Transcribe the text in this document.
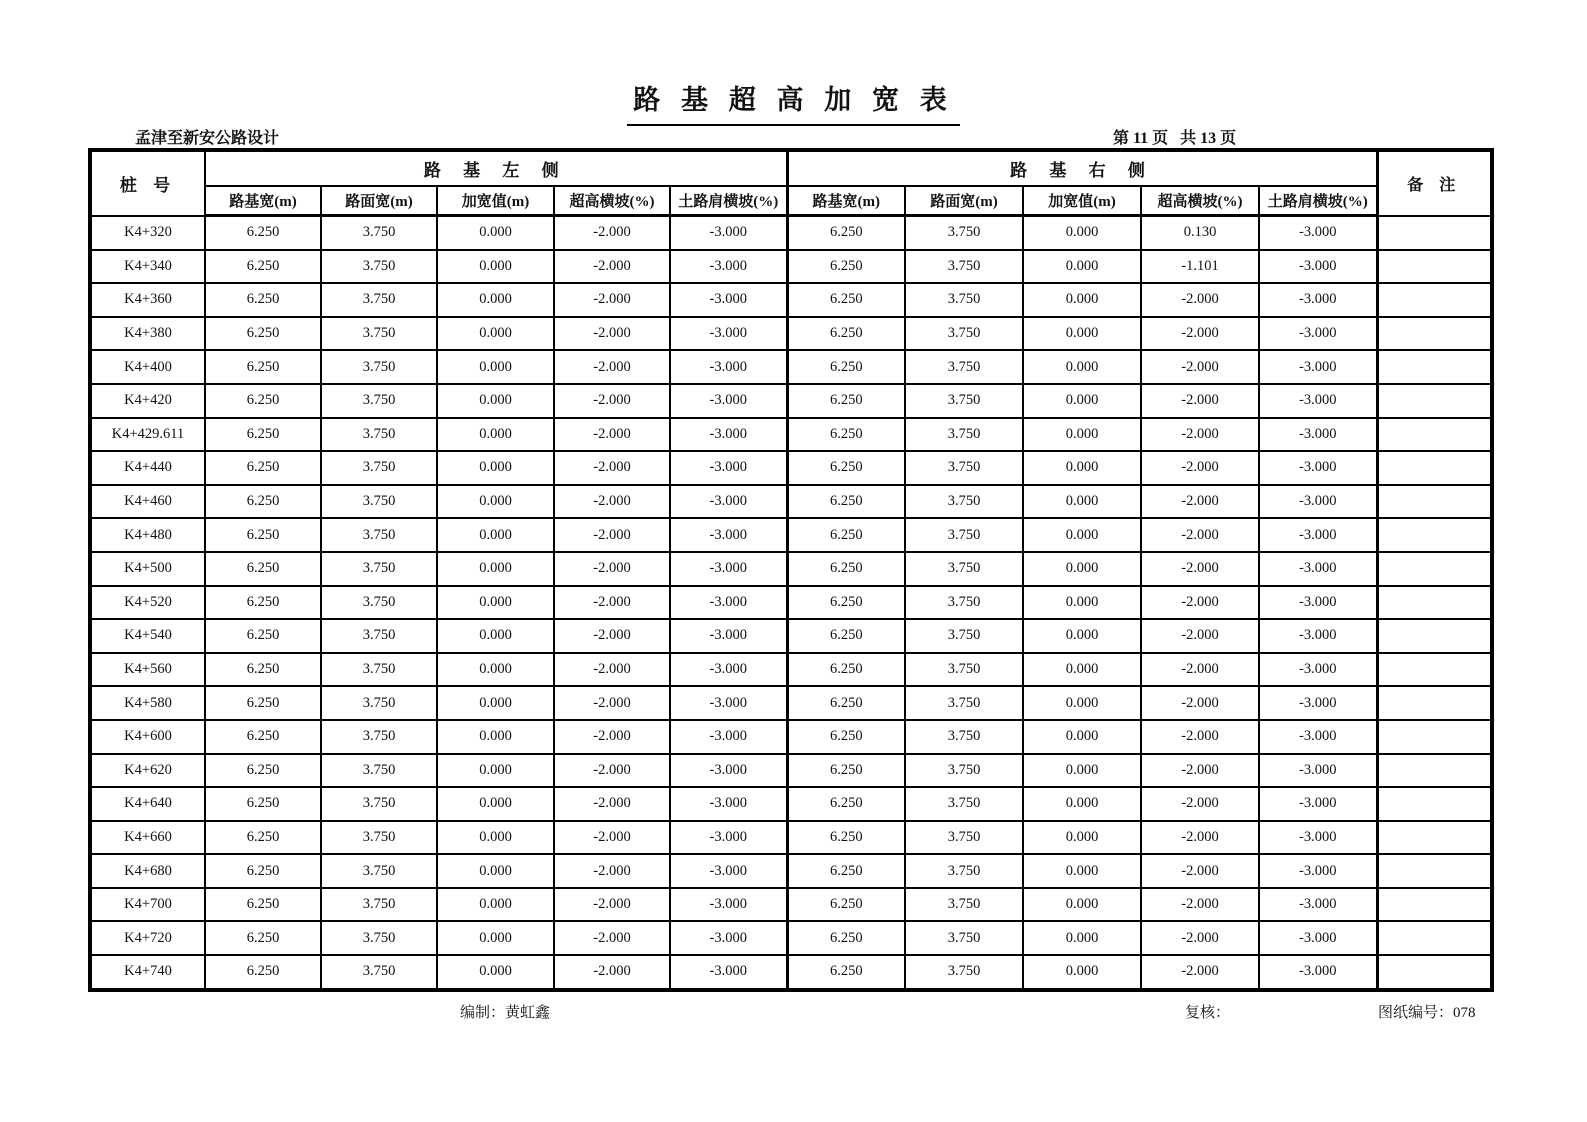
路 基 超 高 加 宽 表
孟津至新安公路设计	第 11 页   共 13 页
桩 号	路 基 左 侧					路 基 右 侧					备 注
	路基宽(m)	路面宽(m)	加宽值(m)	超高横坡(%)	土路肩横坡(%)	路基宽(m)	路面宽(m)	加宽值(m)	超高横坡(%)	土路肩横坡(%)	
K4+320	6.250	3.750	0.000	-2.000	-3.000	6.250	3.750	0.000	0.130	-3.000	
K4+340	6.250	3.750	0.000	-2.000	-3.000	6.250	3.750	0.000	-1.101	-3.000	
K4+360	6.250	3.750	0.000	-2.000	-3.000	6.250	3.750	0.000	-2.000	-3.000	
K4+380	6.250	3.750	0.000	-2.000	-3.000	6.250	3.750	0.000	-2.000	-3.000	
K4+400	6.250	3.750	0.000	-2.000	-3.000	6.250	3.750	0.000	-2.000	-3.000	
K4+420	6.250	3.750	0.000	-2.000	-3.000	6.250	3.750	0.000	-2.000	-3.000	
K4+429.611	6.250	3.750	0.000	-2.000	-3.000	6.250	3.750	0.000	-2.000	-3.000	
K4+440	6.250	3.750	0.000	-2.000	-3.000	6.250	3.750	0.000	-2.000	-3.000	
K4+460	6.250	3.750	0.000	-2.000	-3.000	6.250	3.750	0.000	-2.000	-3.000	
K4+480	6.250	3.750	0.000	-2.000	-3.000	6.250	3.750	0.000	-2.000	-3.000	
K4+500	6.250	3.750	0.000	-2.000	-3.000	6.250	3.750	0.000	-2.000	-3.000	
K4+520	6.250	3.750	0.000	-2.000	-3.000	6.250	3.750	0.000	-2.000	-3.000	
K4+540	6.250	3.750	0.000	-2.000	-3.000	6.250	3.750	0.000	-2.000	-3.000	
K4+560	6.250	3.750	0.000	-2.000	-3.000	6.250	3.750	0.000	-2.000	-3.000	
K4+580	6.250	3.750	0.000	-2.000	-3.000	6.250	3.750	0.000	-2.000	-3.000	
K4+600	6.250	3.750	0.000	-2.000	-3.000	6.250	3.750	0.000	-2.000	-3.000	
K4+620	6.250	3.750	0.000	-2.000	-3.000	6.250	3.750	0.000	-2.000	-3.000	
K4+640	6.250	3.750	0.000	-2.000	-3.000	6.250	3.750	0.000	-2.000	-3.000	
K4+660	6.250	3.750	0.000	-2.000	-3.000	6.250	3.750	0.000	-2.000	-3.000	
K4+680	6.250	3.750	0.000	-2.000	-3.000	6.250	3.750	0.000	-2.000	-3.000	
K4+700	6.250	3.750	0.000	-2.000	-3.000	6.250	3.750	0.000	-2.000	-3.000	
K4+720	6.250	3.750	0.000	-2.000	-3.000	6.250	3.750	0.000	-2.000	-3.000	
K4+740	6.250	3.750	0.000	-2.000	-3.000	6.250	3.750	0.000	-2.000	-3.000	
编制：黄虹鑫	复核：	图纸编号：078
